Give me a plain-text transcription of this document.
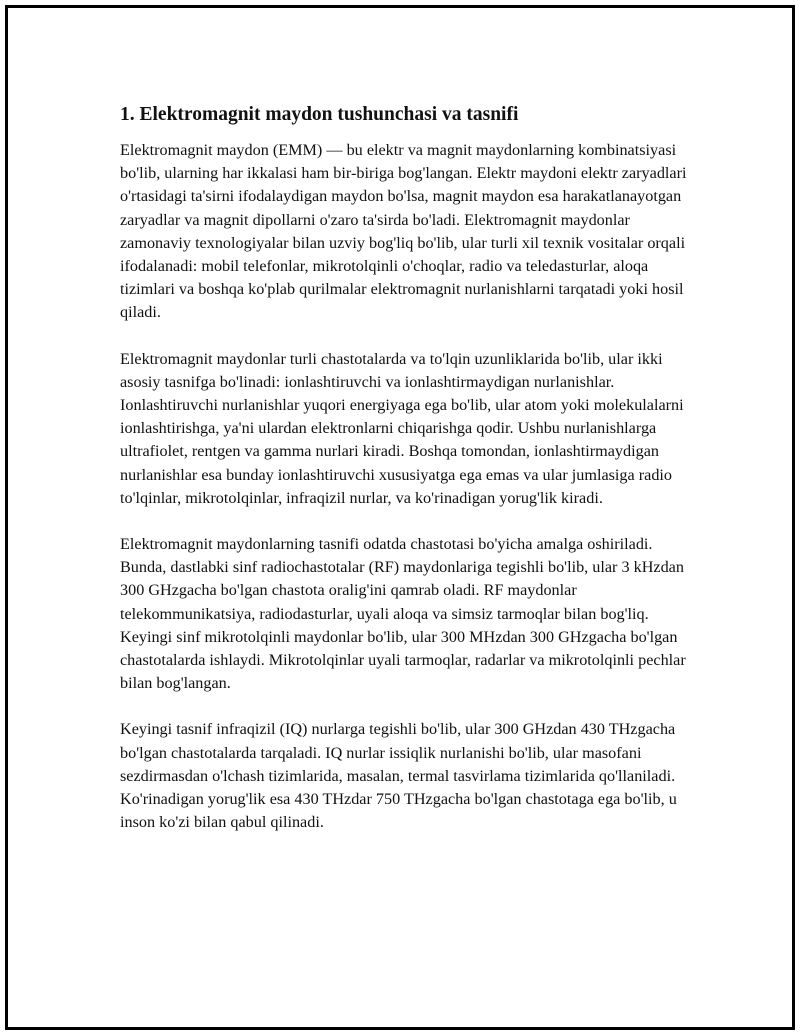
1. Elektromagnit maydon tushunchasi va tasnifi

Elektromagnit maydon (EMM) — bu elektr va magnit maydonlarning kombinatsiyasi bo'lib, ularning har ikkalasi ham bir-biriga bog'langan. Elektr maydoni elektr zaryadlari o'rtasidagi ta'sirni ifodalaydigan maydon bo'lsa, magnit maydon esa harakatlanayotgan zaryadlar va magnit dipollarni o'zaro ta'sirda bo'ladi. Elektromagnit maydonlar zamonaviy texnologiyalar bilan uzviy bog'liq bo'lib, ular turli xil texnik vositalar orqali ifodalanadi: mobil telefonlar, mikrotolqinli o'choqlar, radio va teledasturlar, aloqa tizimlari va boshqa ko'plab qurilmalar elektromagnit nurlanishlarni tarqatadi yoki hosil qiladi.

Elektromagnit maydonlar turli chastotalarda va to'lqin uzunliklarida bo'lib, ular ikki asosiy tasnifga bo'linadi: ionlashtiruvchi va ionlashtirmaydigan nurlanishlar. Ionlashtiruvchi nurlanishlar yuqori energiyaga ega bo'lib, ular atom yoki molekulalarni ionlashtirishga, ya'ni ulardan elektronlarni chiqarishga qodir. Ushbu nurlanishlarga ultrafiolet, rentgen va gamma nurlari kiradi. Boshqa tomondan, ionlashtirmaydigan nurlanishlar esa bunday ionlashtiruvchi xususiyatga ega emas va ular jumlasiga radio to'lqinlar, mikrotolqinlar, infraqizil nurlar, va ko'rinadigan yorug'lik kiradi.

Elektromagnit maydonlarning tasnifi odatda chastotasi bo'yicha amalga oshiriladi. Bunda, dastlabki sinf radiochastotalar (RF) maydonlariga tegishli bo'lib, ular 3 kHzdan 300 GHzgacha bo'lgan chastota oralig'ini qamrab oladi. RF maydonlar telekommunikatsiya, radiodasturlar, uyali aloqa va simsiz tarmoqlar bilan bog'liq. Keyingi sinf mikrotolqinli maydonlar bo'lib, ular 300 MHzdan 300 GHzgacha bo'lgan chastotalarda ishlaydi. Mikrotolqinlar uyali tarmoqlar, radarlar va mikrotolqinli pechlar bilan bog'langan.

Keyingi tasnif infraqizil (IQ) nurlarga tegishli bo'lib, ular 300 GHzdan 430 THzgacha bo'lgan chastotalarda tarqaladi. IQ nurlar issiqlik nurlanishi bo'lib, ular masofani sezdirmasdan o'lchash tizimlarida, masalan, termal tasvirlama tizimlarida qo'llaniladi. Ko'rinadigan yorug'lik esa 430 THzdar 750 THzgacha bo'lgan chastotaga ega bo'lib, u inson ko'zi bilan qabul qilinadi.
